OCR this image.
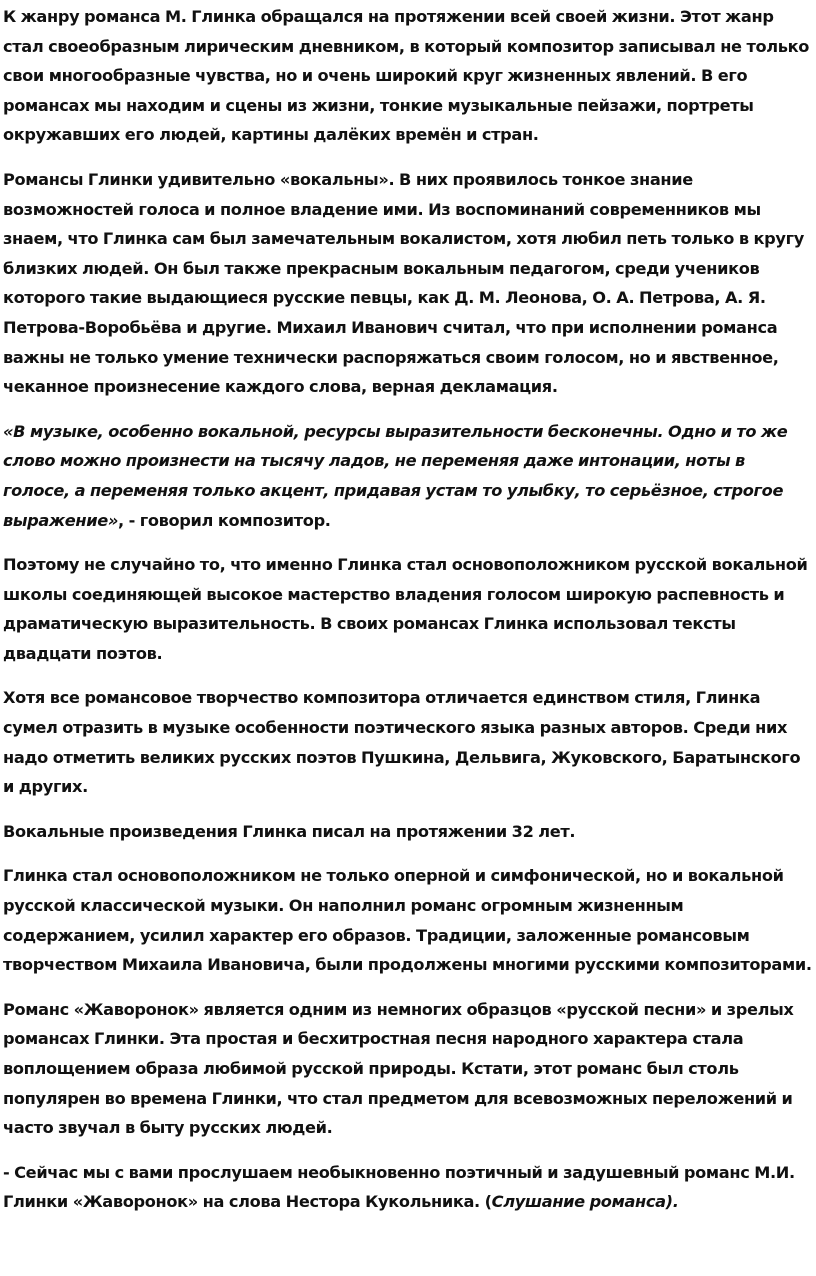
К жанру романса М. Глинка обращался на протяжении всей своей жизни. Этот жанр стал своеобразным лирическим дневником, в который композитор записывал не только свои многообразные чувства, но и очень широкий круг жизненных явлений. В его романсах мы находим и сцены из жизни, тонкие музыкальные пейзажи, портреты окружавших его людей, картины далёких времён и стран.

Романсы Глинки удивительно «вокальны». В них проявилось тонкое знание возможностей голоса и полное владение ими. Из воспоминаний современников мы знаем, что Глинка сам был замечательным вокалистом, хотя любил петь только в кругу близких людей. Он был также прекрасным вокальным педагогом, среди учеников которого такие выдающиеся русские певцы, как Д. М. Леонова, О. А. Петрова, А. Я. Петрова-Воробьёва и другие. Михаил Иванович считал, что при исполнении романса важны не только умение технически распоряжаться своим голосом, но и явственное, чеканное произнесение каждого слова, верная декламация.

«В музыке, особенно вокальной, ресурсы выразительности бесконечны. Одно и то же слово можно произнести на тысячу ладов, не переменяя даже интонации, ноты в голосе, а переменяя только акцент, придавая устам то улыбку, то серьёзное, строгое выражение», - говорил композитор.

Поэтому не случайно то, что именно Глинка стал основоположником русской вокальной школы соединяющей высокое мастерство владения голосом широкую распевность и драматическую выразительность. В своих романсах Глинка использовал тексты двадцати поэтов.

Хотя все романсовое творчество композитора отличается единством стиля, Глинка сумел отразить в музыке особенности поэтического языка разных авторов. Среди них надо отметить великих русских поэтов Пушкина, Дельвига, Жуковского, Баратынского и других.

Вокальные произведения Глинка писал на протяжении 32 лет.

Глинка стал основоположником не только оперной и симфонической, но и вокальной русской классической музыки. Он наполнил романс огромным жизненным содержанием, усилил характер его образов. Традиции, заложенные романсовым творчеством Михаила Ивановича, были продолжены многими русскими композиторами.

Романс «Жаворонок» является одним из немногих образцов «русской песни» и зрелых романсах Глинки. Эта простая и бесхитростная песня народного характера стала воплощением образа любимой русской природы. Кстати, этот романс был столь популярен во времена Глинки, что стал предметом для всевозможных переложений и часто звучал в быту русских людей.

- Сейчас мы с вами прослушаем необыкновенно поэтичный и задушевный романс М.И. Глинки «Жаворонок» на слова Нестора Кукольника. (Слушание романса).
